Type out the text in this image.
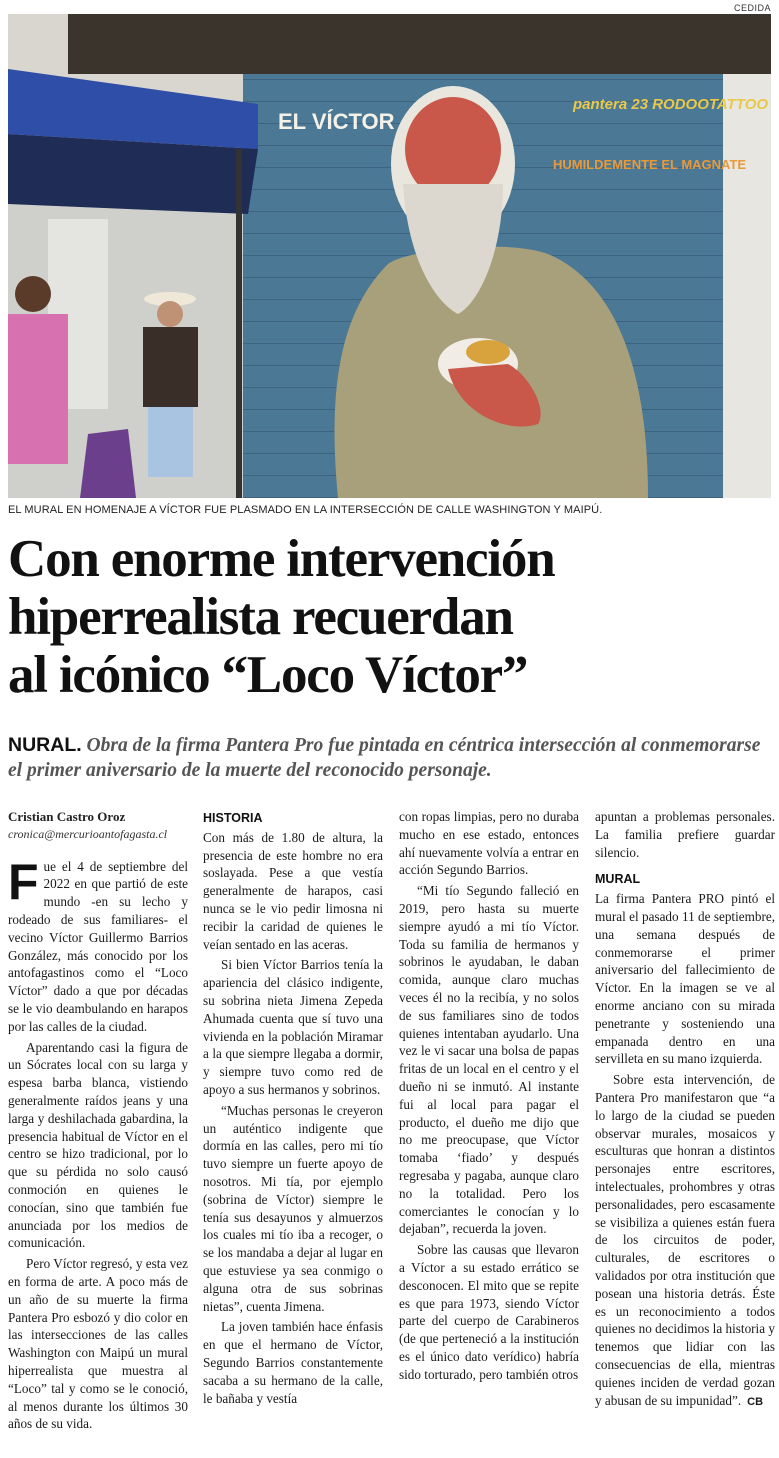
CEDIDA
EL VÍCTOR
pantera 23 RODOOTATTOO
HUMILDEMENTE EL MAGNATE
EL MURAL EN HOMENAJE A VÍCTOR FUE PLASMADO EN LA INTERSECCIÓN DE CALLE WASHINGTON Y MAIPÚ.
Con enorme intervención
hiperrealista recuerdan
al icónico “Loco Víctor”
NURAL. Obra de la firma Pantera Pro fue pintada en céntrica intersección al conmemorarse el primer aniversario de la muerte del reconocido personaje.
Cristian Castro Oroz
cronica@mercurioantofagasta.cl

Fue el 4 de septiembre del 2022 en que partió de este mundo -en su lecho y rodeado de sus familiares- el vecino Víctor Guillermo Barrios González, más conocido por los antofagastinos como el “Loco Víctor” dado a que por décadas se le vio deambulando en harapos por las calles de la ciudad.

Aparentando casi la figura de un Sócrates local con su larga y espesa barba blanca, vistiendo generalmente raídos jeans y una larga y deshilachada gabardina, la presencia habitual de Víctor en el centro se hizo tradicional, por lo que su pérdida no solo causó conmoción en quienes le conocían, sino que también fue anunciada por los medios de comunicación.

Pero Víctor regresó, y esta vez en forma de arte. A poco más de un año de su muerte la firma Pantera Pro esbozó y dio color en las intersecciones de las calles Washington con Maipú un mural hiperrealista que muestra al “Loco” tal y como se le conoció, al menos durante los últimos 30 años de su vida.

HISTORIA

Con más de 1.80 de altura, la presencia de este hombre no era soslayada. Pese a que vestía generalmente de harapos, casi nunca se le vio pedir limosna ni recibir la caridad de quienes le veían sentado en las aceras.

Si bien Víctor Barrios tenía la apariencia del clásico indigente, su sobrina nieta Jimena Zepeda Ahumada cuenta que sí tuvo una vivienda en la población Miramar a la que siempre llegaba a dormir, y siempre tuvo como red de apoyo a sus hermanos y sobrinos.

“Muchas personas le creyeron un auténtico indigente que dormía en las calles, pero mi tío tuvo siempre un fuerte apoyo de nosotros. Mi tía, por ejemplo (sobrina de Víctor) siempre le tenía sus desayunos y almuerzos los cuales mi tío iba a recoger, o se los mandaba a dejar al lugar en que estuviese ya sea conmigo o alguna otra de sus sobrinas nietas”, cuenta Jimena.

La joven también hace énfasis en que el hermano de Víctor, Segundo Barrios constantemente sacaba a su hermano de la calle, le bañaba y vestía

con ropas limpias, pero no duraba mucho en ese estado, entonces ahí nuevamente volvía a entrar en acción Segundo Barrios.

“Mi tío Segundo falleció en 2019, pero hasta su muerte siempre ayudó a mi tío Víctor. Toda su familia de hermanos y sobrinos le ayudaban, le daban comida, aunque claro muchas veces él no la recibía, y no solos de sus familiares sino de todos quienes intentaban ayudarlo. Una vez le vi sacar una bolsa de papas fritas de un local en el centro y el dueño ni se inmutó. Al instante fui al local para pagar el producto, el dueño me dijo que no me preocupase, que Víctor tomaba ‘fiado’ y después regresaba y pagaba, aunque claro no la totalidad. Pero los comerciantes le conocían y lo dejaban”, recuerda la joven.

Sobre las causas que llevaron a Víctor a su estado errático se desconocen. El mito que se repite es que para 1973, siendo Víctor parte del cuerpo de Carabineros (de que perteneció a la institución es el único dato verídico) habría sido torturado, pero también otros

apuntan a problemas personales. La familia prefiere guardar silencio.

MURAL

La firma Pantera PRO pintó el mural el pasado 11 de septiembre, una semana después de conmemorarse el primer aniversario del fallecimiento de Víctor. En la imagen se ve al enorme anciano con su mirada penetrante y sosteniendo una empanada dentro en una servilleta en su mano izquierda.

Sobre esta intervención, de Pantera Pro manifestaron que “a lo largo de la ciudad se pueden observar murales, mosaicos y esculturas que honran a distintos personajes entre escritores, intelectuales, prohombres y otras personalidades, pero escasamente se visibiliza a quienes están fuera de los circuitos de poder, culturales, de escritores o validados por otra institución que posean una historia detrás. Éste es un reconocimiento a todos quienes no decidimos la historia y tenemos que lidiar con las consecuencias de ella, mientras quienes inciden de verdad gozan y abusan de su impunidad”. CB
